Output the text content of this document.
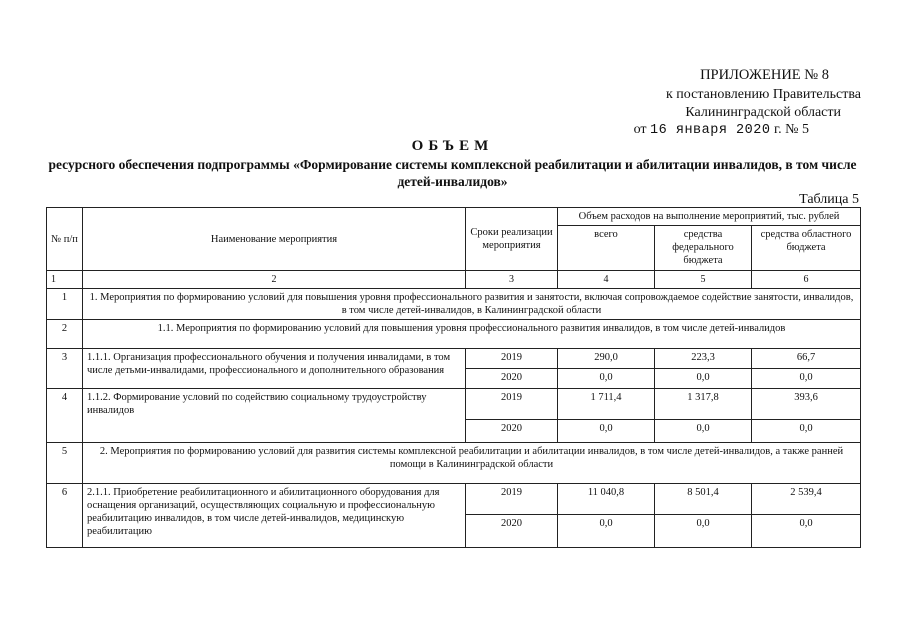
ПРИЛОЖЕНИЕ № 8
к постановлению Правительства
Калининградской области
от 16 января 2020 г. № 5
ОБЪЕМ
ресурсного обеспечения подпрограммы «Формирование системы комплексной реабилитации и абилитации инвалидов, в том числе детей-инвалидов»
Таблица 5
№ п/п	Наименование мероприятия	Сроки реализации мероприятия	Объем расходов на выполнение мероприятий, тыс. рублей		
			всего	средства федерального бюджета	средства областного бюджета
1	2	3	4	5	6
1	1. Мероприятия по формированию условий для повышения уровня профессионального развития и занятости, включая сопровождаемое содействие занятости, инвалидов, в том числе детей-инвалидов, в Калининградской области				
2	1.1. Мероприятия по формированию условий для повышения уровня профессионального развития инвалидов, в том числе детей-инвалидов				
3	1.1.1. Организация профессионального обучения и получения инвалидами, в том числе детьми-инвалидами, профессионального и дополнительного образования	2019	290,0	223,3	66,7
		2020	0,0	0,0	0,0
4	1.1.2. Формирование условий по содействию социальному трудоустройству инвалидов	2019	1 711,4	1 317,8	393,6
		2020	0,0	0,0	0,0
5	2. Мероприятия по формированию условий для развития системы комплексной реабилитации и абилитации инвалидов, в том числе детей-инвалидов, а также ранней помощи в Калининградской области				
6	2.1.1. Приобретение реабилитационного и абилитационного оборудования для оснащения организаций, осуществляющих социальную и профессиональную реабилитацию инвалидов, в том числе детей-инвалидов, медицинскую реабилитацию	2019	11 040,8	8 501,4	2 539,4
		2020	0,0	0,0	0,0
